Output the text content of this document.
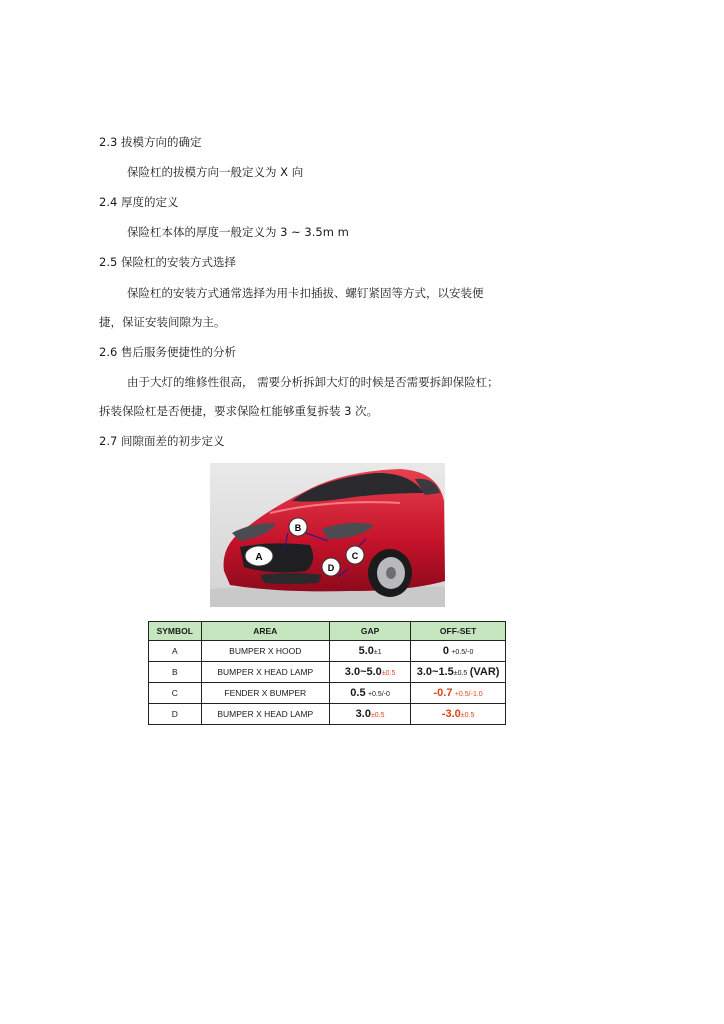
2.3 拔模方向的确定
保险杠的拔模方向一般定义为 X 向
2.4 厚度的定义
保险杠本体的厚度一般定义为 3 ~ 3.5m m
2.5 保险杠的安装方式选择
保险杠的安装方式通常选择为用卡扣插拔、螺钉紧固等方式，以安装便
捷，保证安装间隙为主。
2.6 售后服务便捷性的分析
由于大灯的维修性很高， 需要分析拆卸大灯的时候是否需要拆卸保险杠；
拆装保险杠是否便捷，要求保险杠能够重复拆装 3 次。
2.7 间隙面差的初步定义
A
B
C
D
SYMBOL	AREA	GAP	OFF-SET
A	BUMPER X HOOD	5.0±1	0 +0.5/-0
B	BUMPER X HEAD LAMP	3.0~5.0±0.5	3.0~1.5±0.5 (VAR)
C	FENDER X BUMPER	0.5 +0.5/-0	-0.7 +0.5/-1.0
D	BUMPER X HEAD LAMP	3.0±0.5	-3.0±0.5
